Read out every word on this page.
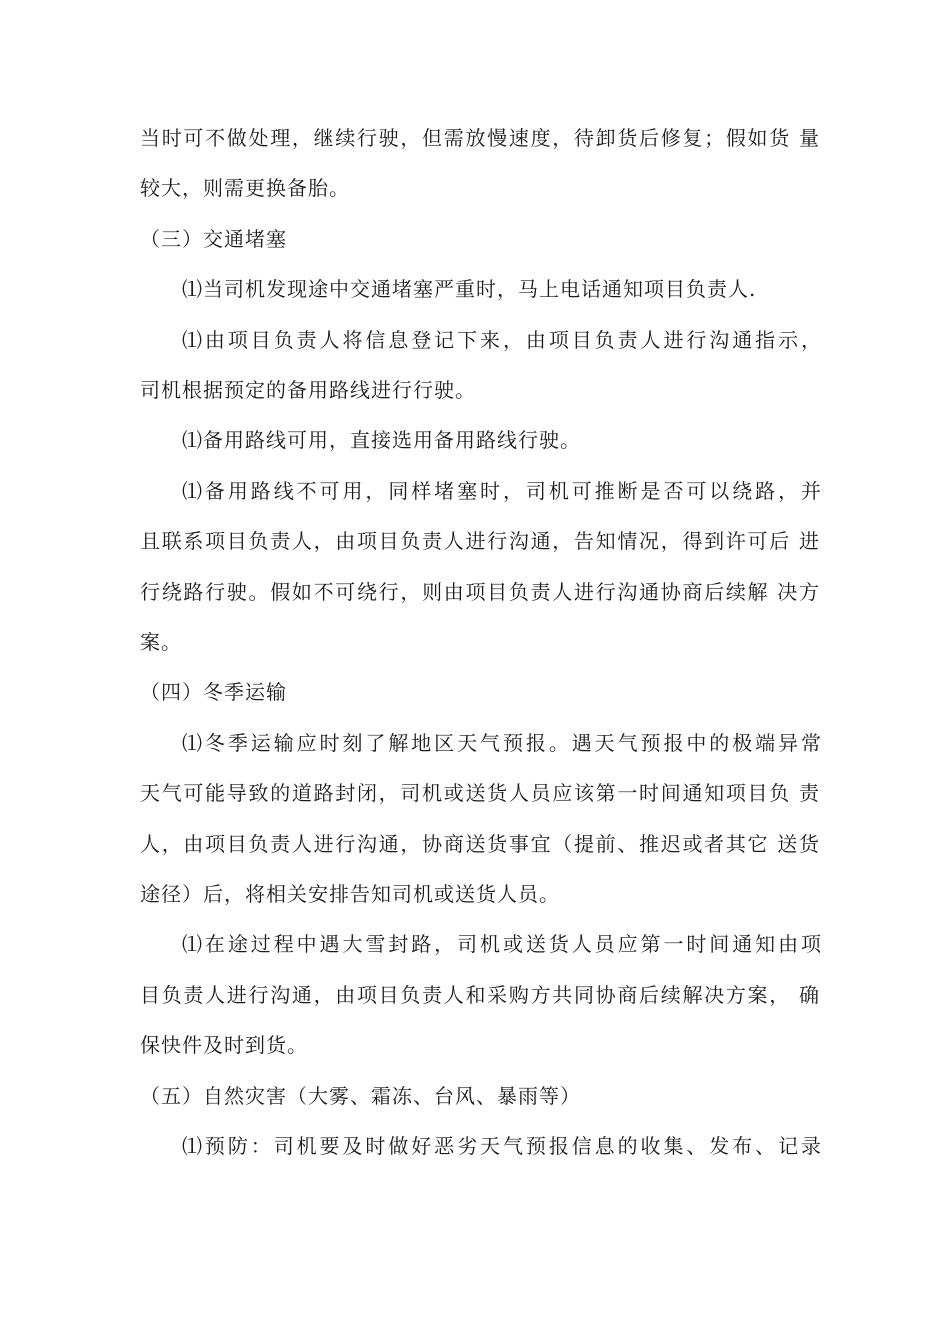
当时可不做处理，继续行驶，但需放慢速度，待卸货后修复；假如货 量
较大，则需更换备胎。
（三）交通堵塞
⑴当司机发现途中交通堵塞严重时，马上电话通知项目负责人.
⑴由项目负责人将信息登记下来，由项目负责人进行沟通指示，
司机根据预定的备用路线进行行驶。
⑴备用路线可用，直接选用备用路线行驶。
⑴备用路线不可用，同样堵塞时，司机可推断是否可以绕路，并
且联系项目负责人，由项目负责人进行沟通，告知情况，得到许可后 进
行绕路行驶。假如不可绕行，则由项目负责人进行沟通协商后续解 决方
案。
（四）冬季运输
⑴冬季运输应时刻了解地区天气预报。遇天气预报中的极端异常
天气可能导致的道路封闭，司机或送货人员应该第一时间通知项目负 责
人，由项目负责人进行沟通，协商送货事宜（提前、推迟或者其它 送货
途径）后，将相关安排告知司机或送货人员。
⑴在途过程中遇大雪封路，司机或送货人员应第一时间通知由项
目负责人进行沟通，由项目负责人和采购方共同协商后续解决方案， 确
保快件及时到货。
（五）自然灾害（大雾、霜冻、台风、暴雨等）
⑴预防：司机要及时做好恶劣天气预报信息的收集、发布、记录
